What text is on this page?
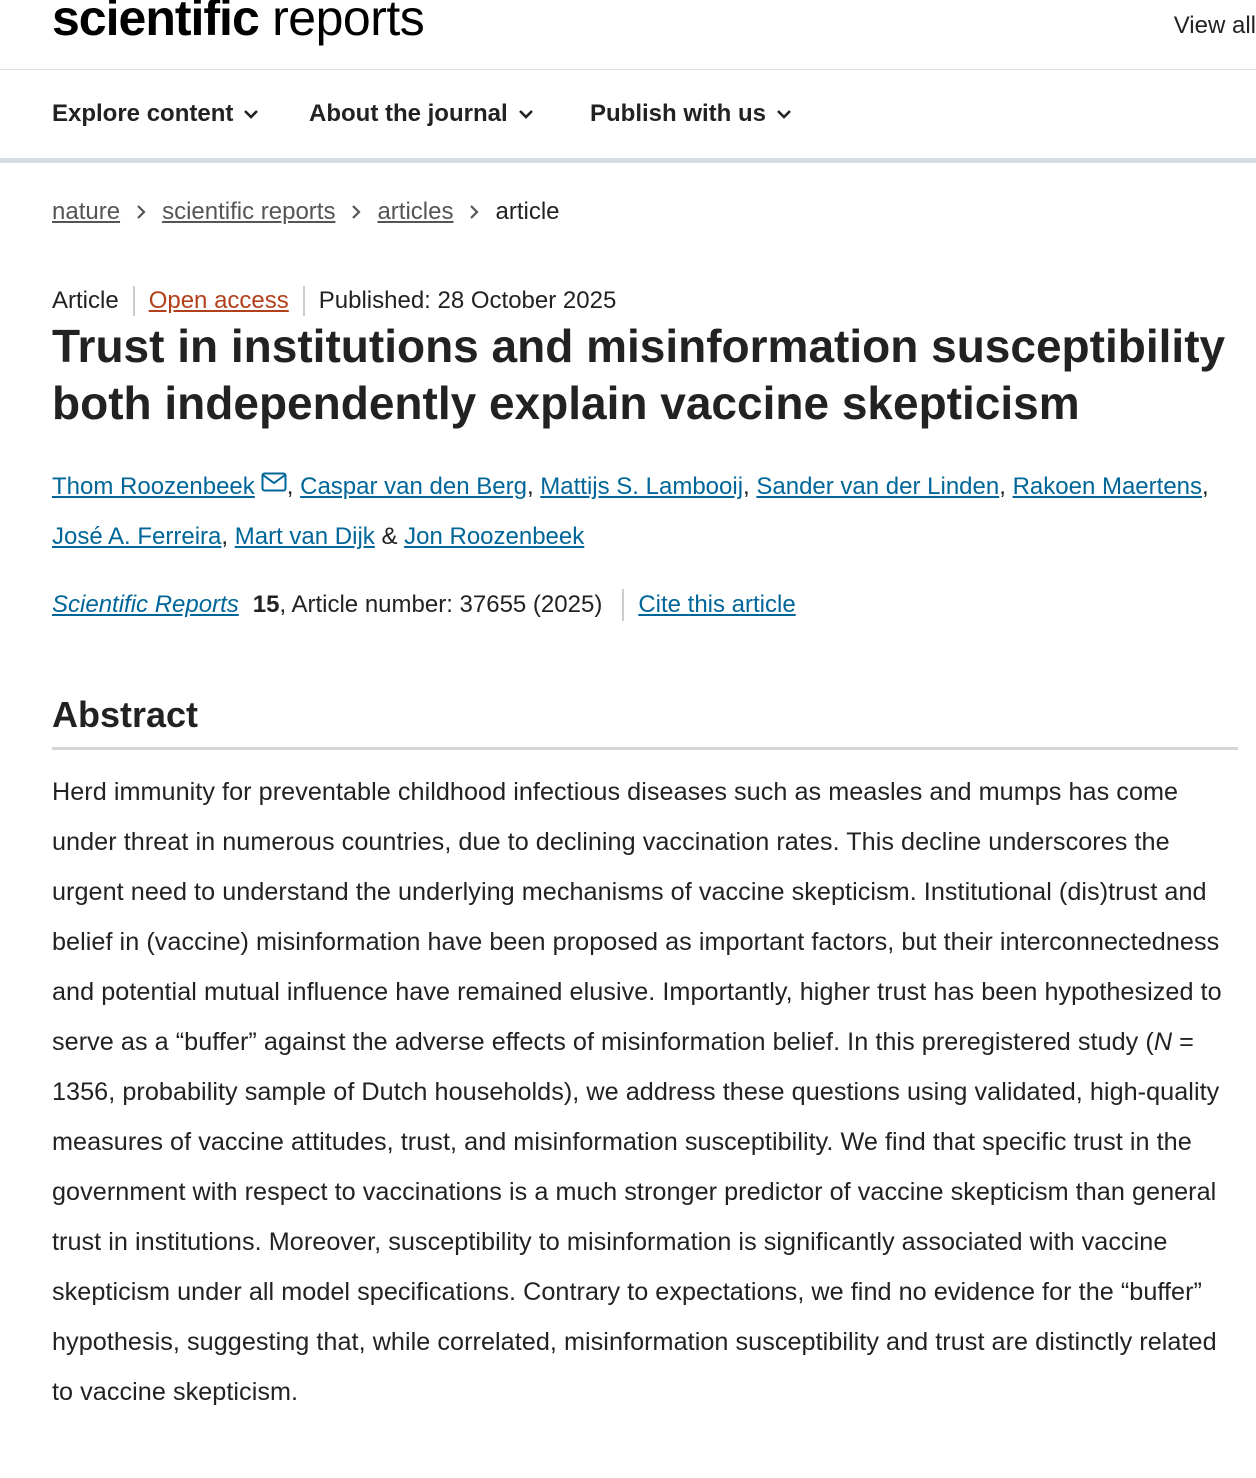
scientific reports	View all
Explore content	About the journal	Publish with us
nature scientific reports articles article
Article Open access Published: 28 October 2025
Trust in institutions and misinformation susceptibility both independently explain vaccine skepticism
Thom Roozenbeek , Caspar van den Berg, Mattijs S. Lambooij, Sander van der Linden, Rakoen Maertens,
José A. Ferreira, Mart van Dijk & Jon Roozenbeek
Scientific Reports 15 , Article number: 37655 (2025) Cite this article
Abstract

Herd immunity for preventable childhood infectious diseases such as measles and mumps has come under threat in numerous countries, due to declining vaccination rates. This decline underscores the urgent need to understand the underlying mechanisms of vaccine skepticism. Institutional (dis)trust and belief in (vaccine) misinformation have been proposed as important factors, but their interconnectedness and potential mutual influence have remained elusive. Importantly, higher trust has been hypothesized to serve as a “buffer” against the adverse effects of misinformation belief. In this preregistered study (N = 1356, probability sample of Dutch households), we address these questions using validated, high-quality measures of vaccine attitudes, trust, and misinformation susceptibility. We find that specific trust in the government with respect to vaccinations is a much stronger predictor of vaccine skepticism than general trust in institutions. Moreover, susceptibility to misinformation is significantly associated with vaccine skepticism under all model specifications. Contrary to expectations, we find no evidence for the “buffer” hypothesis, suggesting that, while correlated, misinformation susceptibility and trust are distinctly related to vaccine skepticism.
